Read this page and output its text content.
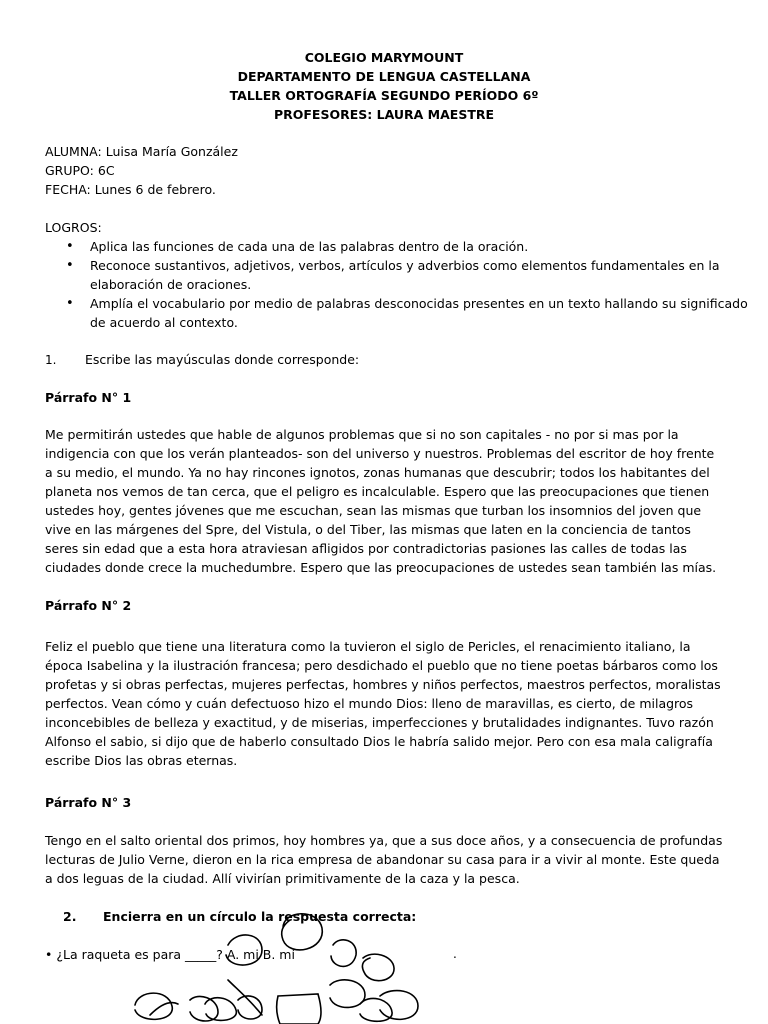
COLEGIO MARYMOUNT
DEPARTAMENTO DE LENGUA CASTELLANA
TALLER ORTOGRAFÍA SEGUNDO PERÍODO 6º
PROFESORES: LAURA MAESTRE
ALUMNA: Luisa María González
GRUPO: 6C
FECHA: Lunes 6 de febrero.
LOGROS:
• Aplica las funciones de cada una de las palabras dentro de la oración.
• Reconoce sustantivos, adjetivos, verbos, artículos y adverbios como elementos fundamentales en la elaboración de oraciones.
• Amplía el vocabulario por medio de palabras desconocidas presentes en un texto hallando su significado de acuerdo al contexto.
1. Escribe las mayúsculas donde corresponde:
Párrafo N° 1
Me permitirán ustedes que hable de algunos problemas que si no son capitales - no por si mas por la indigencia con que los verán planteados- son del universo y nuestros. Problemas del escritor de hoy frente a su medio, el mundo. Ya no hay rincones ignotos, zonas humanas que descubrir; todos los habitantes del planeta nos vemos de tan cerca, que el peligro es incalculable. Espero que las preocupaciones que tienen ustedes hoy, gentes jóvenes que me escuchan, sean las mismas que turban los insomnios del joven que vive en las márgenes del Spre, del Vistula, o del Tiber, las mismas que laten en la conciencia de tantos seres sin edad que a esta hora atraviesan afligidos por contradictorias pasiones las calles de todas las ciudades donde crece la muchedumbre. Espero que las preocupaciones de ustedes sean también las mías.
Párrafo N° 2
Feliz el pueblo que tiene una literatura como la tuvieron el siglo de Pericles, el renacimiento italiano, la época Isabelina y la ilustración francesa; pero desdichado el pueblo que no tiene poetas bárbaros como los profetas y si obras perfectas, mujeres perfectas, hombres y niños perfectos, maestros perfectos, moralistas perfectos. Vean cómo y cuán defectuoso hizo el mundo Dios: lleno de maravillas, es cierto, de milagros inconcebibles de belleza y exactitud, y de miserias, imperfecciones y brutalidades indignantes. Tuvo razón Alfonso el sabio, si dijo que de haberlo consultado Dios le habría salido mejor. Pero con esa mala caligrafía escribe Dios las obras eternas.
Párrafo N° 3
Tengo en el salto oriental dos primos, hoy hombres ya, que a sus doce años, y a consecuencia de profundas lecturas de Julio Verne, dieron en la rica empresa de abandonar su casa para ir a vivir al monte. Este queda a dos leguas de la ciudad. Allí vivirían primitivamente de la caza y la pesca.
2. Encierra en un círculo la respuesta correcta:
• ¿La raqueta es para _____? A. mi B. mí	.
